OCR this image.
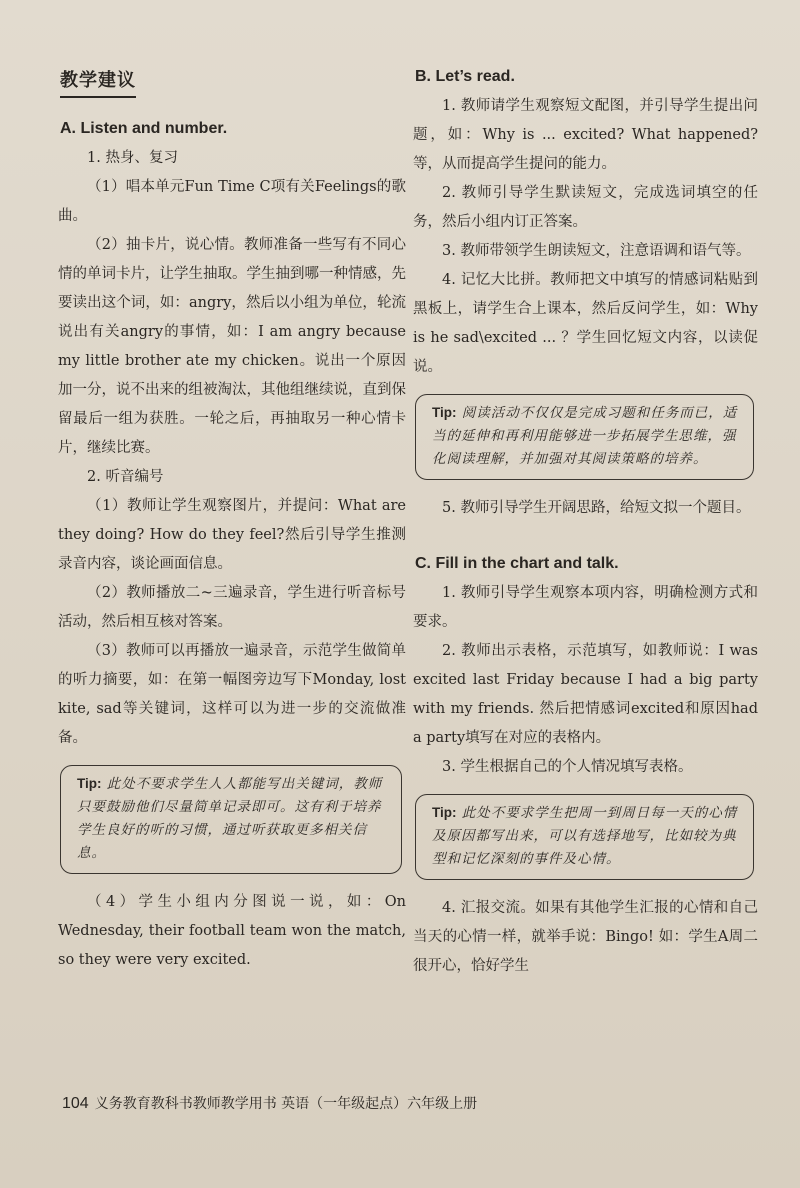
教学建议
A. Listen and number.

1. 热身、复习

（1）唱本单元Fun Time C项有关Feelings的歌曲。

（2）抽卡片，说心情。教师准备一些写有不同心情的单词卡片，让学生抽取。学生抽到哪一种情感，先要读出这个词，如：angry，然后以小组为单位，轮流说出有关angry的事情，如：I am angry because my little brother ate my chicken。说出一个原因加一分，说不出来的组被淘汰，其他组继续说，直到保留最后一组为获胜。一轮之后，再抽取另一种心情卡片，继续比赛。

2. 听音编号

（1）教师让学生观察图片，并提问：What are they doing? How do they feel?然后引导学生推测录音内容，谈论画面信息。

（2）教师播放二~三遍录音，学生进行听音标号活动，然后相互核对答案。

（3）教师可以再播放一遍录音，示范学生做简单的听力摘要，如：在第一幅图旁边写下Monday, lost kite, sad等关键词，这样可以为进一步的交流做准备。

Tip: 此处不要求学生人人都能写出关键词，教师只要鼓励他们尽量简单记录即可。这有利于培养学生良好的听的习惯，通过听获取更多相关信息。

（4）学生小组内分图说一说，如：On Wednesday, their football team won the match, so they were very excited.

B. Let’s read.

1. 教师请学生观察短文配图，并引导学生提出问题，如：Why is ... excited? What happened?等，从而提高学生提问的能力。

2. 教师引导学生默读短文，完成选词填空的任务，然后小组内订正答案。

3. 教师带领学生朗读短文，注意语调和语气等。

4. 记忆大比拼。教师把文中填写的情感词粘贴到黑板上，请学生合上课本，然后反问学生，如：Why is he sad\excited ... ？学生回忆短文内容，以读促说。

Tip: 阅读活动不仅仅是完成习题和任务而已，适当的延伸和再利用能够进一步拓展学生思维，强化阅读理解，并加强对其阅读策略的培养。

5. 教师引导学生开阔思路，给短文拟一个题目。

C. Fill in the chart and talk.

1. 教师引导学生观察本项内容，明确检测方式和要求。

2. 教师出示表格，示范填写，如教师说：I was excited last Friday because I had a big party with my friends. 然后把情感词excited和原因had a party填写在对应的表格内。

3. 学生根据自己的个人情况填写表格。

Tip: 此处不要求学生把周一到周日每一天的心情及原因都写出来，可以有选择地写，比如较为典型和记忆深刻的事件及心情。

4. 汇报交流。如果有其他学生汇报的心情和自己当天的心情一样，就举手说：Bingo! 如：学生A周二很开心，恰好学生

104 义务教育教科书教师教学用书 英语（一年级起点）六年级上册
